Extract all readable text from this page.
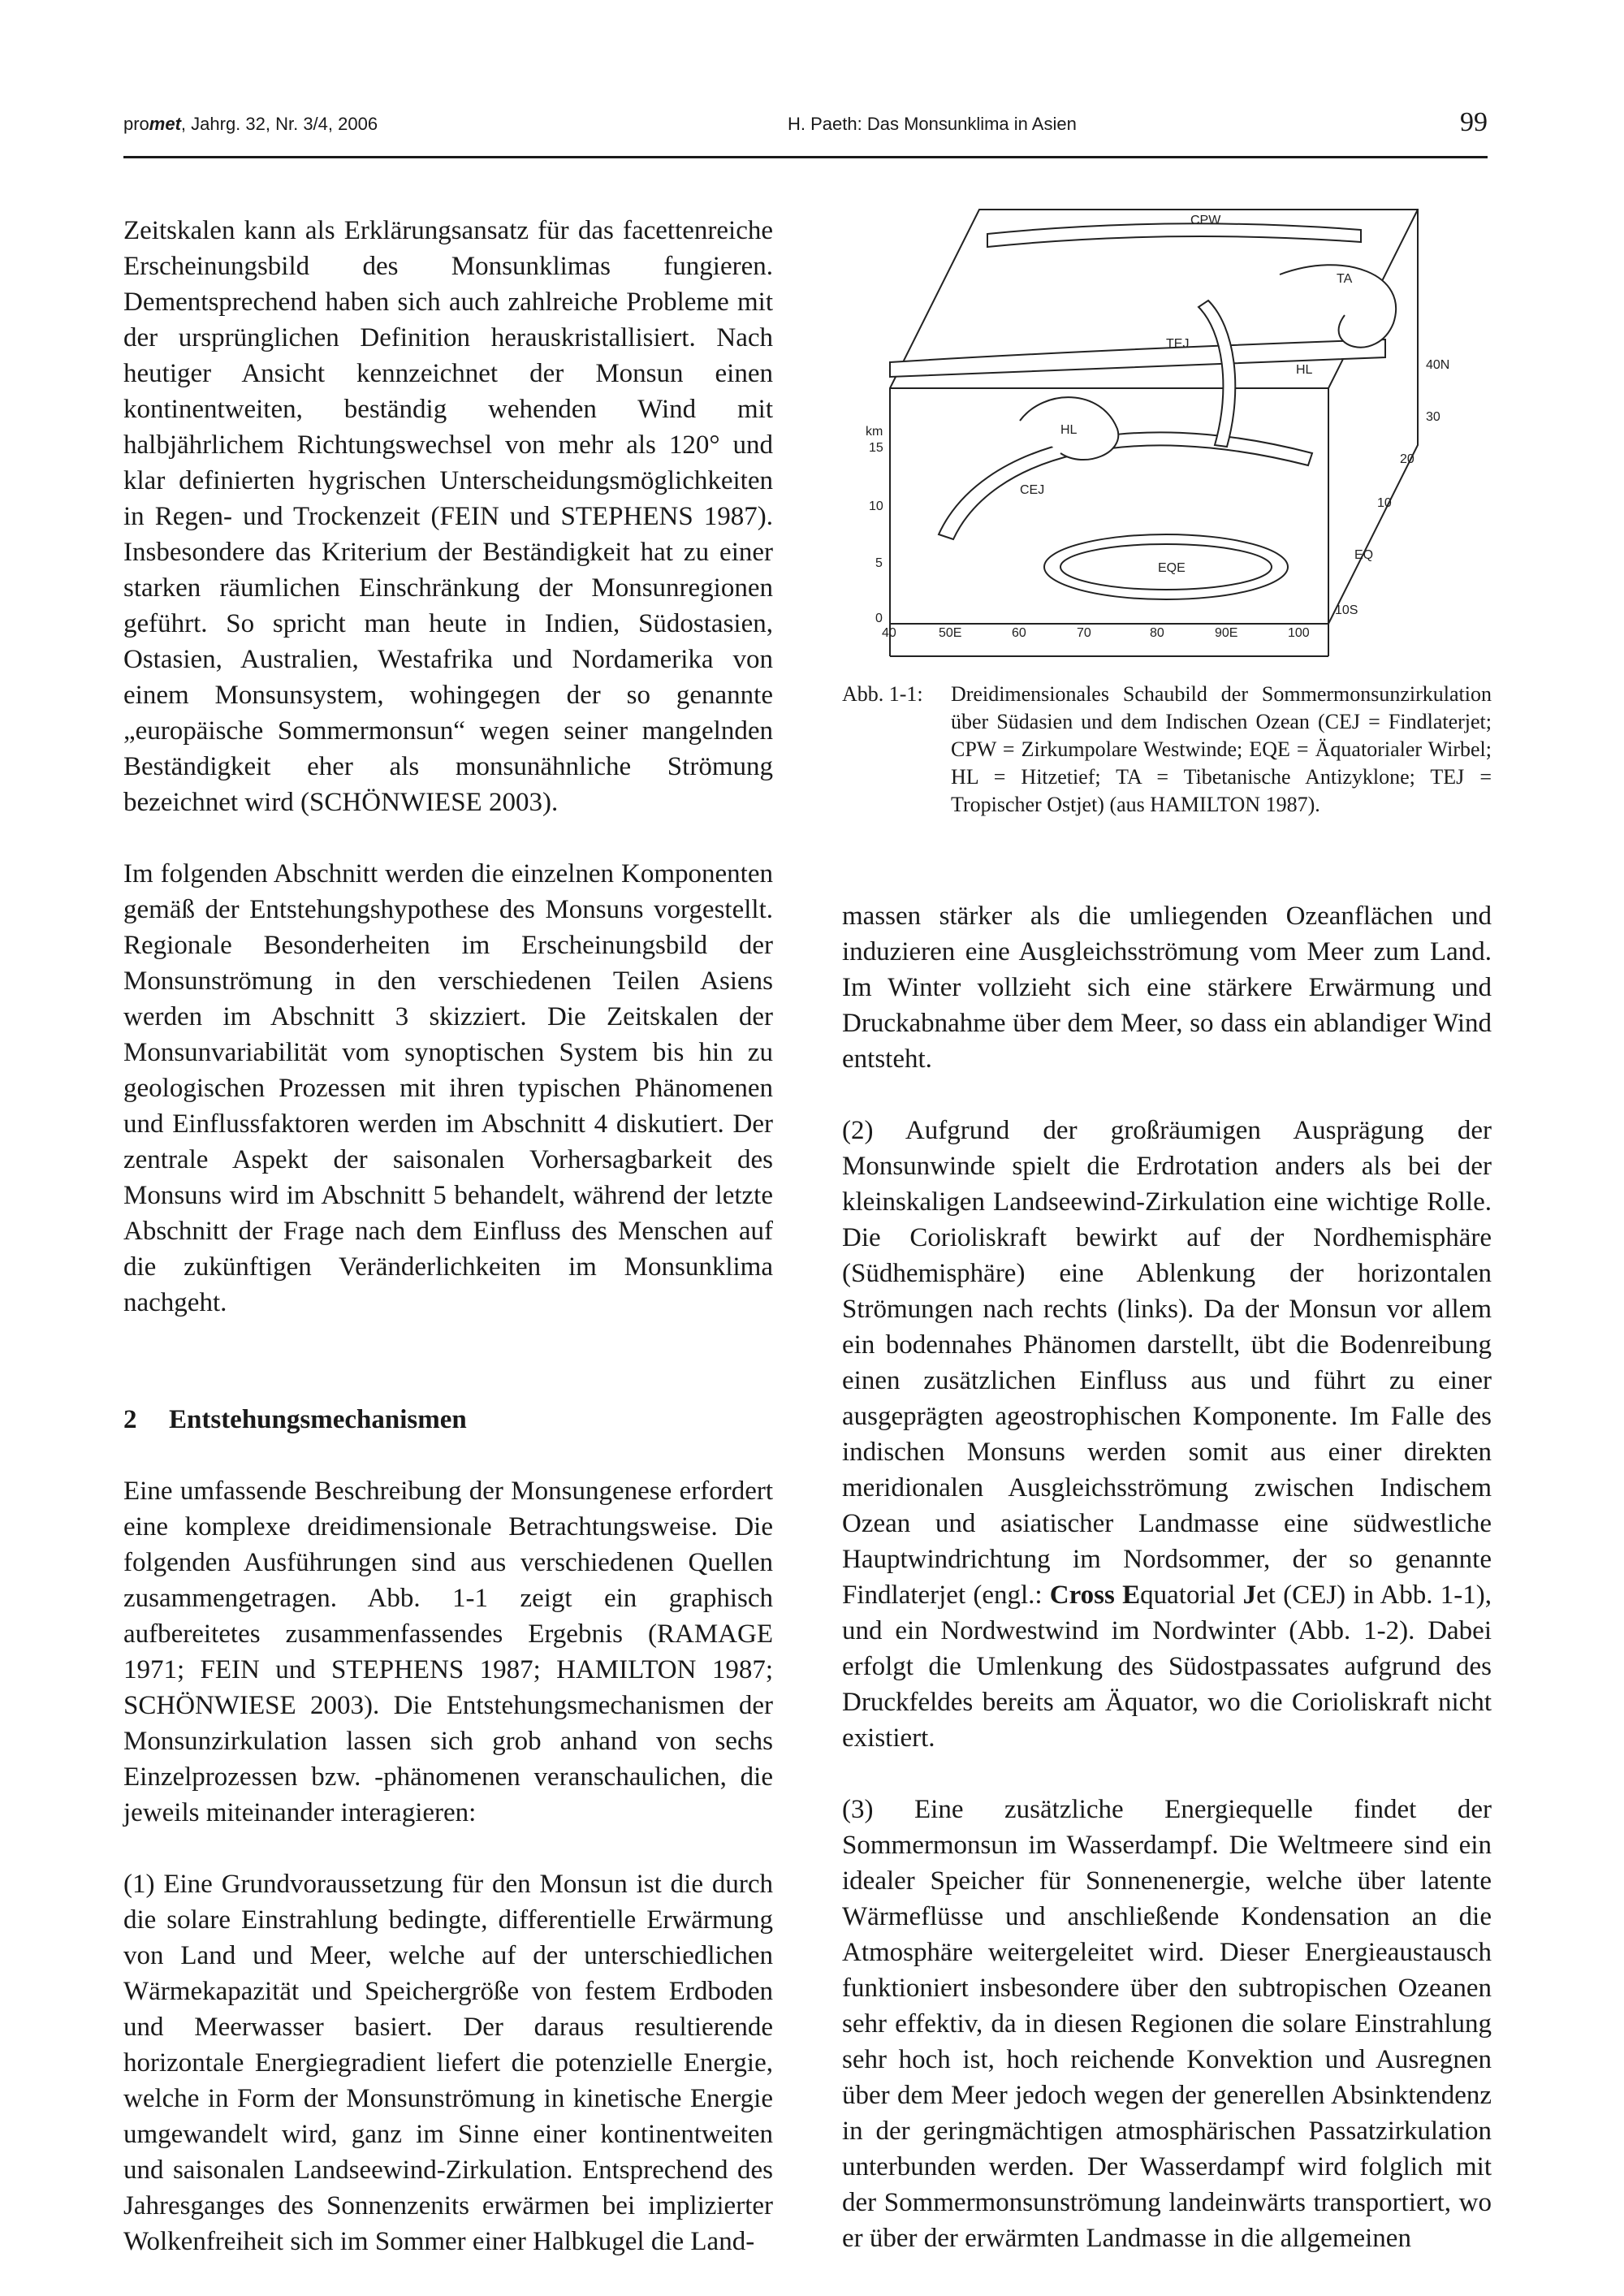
promet, Jahrg. 32, Nr. 3/4, 2006	H. Paeth: Das Monsunklima in Asien	99

Zeitskalen kann als Erklärungsansatz für das facettenreiche Erscheinungsbild des Monsunklimas fungieren. Dementsprechend haben sich auch zahlreiche Probleme mit der ursprünglichen Definition herauskristallisiert. Nach heutiger Ansicht kennzeichnet der Monsun einen kontinentweiten, beständig wehenden Wind mit halbjährlichem Richtungswechsel von mehr als 120° und klar definierten hygrischen Unterscheidungsmöglichkeiten in Regen- und Trockenzeit (FEIN und STEPHENS 1987). Insbesondere das Kriterium der Beständigkeit hat zu einer starken räumlichen Einschränkung der Monsunregionen geführt. So spricht man heute in Indien, Südostasien, Ostasien, Australien, Westafrika und Nordamerika von einem Monsunsystem, wohingegen der so genannte „europäische Sommermonsun“ wegen seiner mangelnden Beständigkeit eher als monsunähnliche Strömung bezeichnet wird (SCHÖNWIESE 2003).

Im folgenden Abschnitt werden die einzelnen Komponenten gemäß der Entstehungshypothese des Monsuns vorgestellt. Regionale Besonderheiten im Erscheinungsbild der Monsunströmung in den verschiedenen Teilen Asiens werden im Abschnitt 3 skizziert. Die Zeitskalen der Monsunvariabilität vom synoptischen System bis hin zu geologischen Prozessen mit ihren typischen Phänomenen und Einflussfaktoren werden im Abschnitt 4 diskutiert. Der zentrale Aspekt der saisonalen Vorhersagbarkeit des Monsuns wird im Abschnitt 5 behandelt, während der letzte Abschnitt der Frage nach dem Einfluss des Menschen auf die zukünftigen Veränderlichkeiten im Monsunklima nachgeht.

2 Entstehungsmechanismen

Eine umfassende Beschreibung der Monsungenese erfordert eine komplexe dreidimensionale Betrachtungsweise. Die folgenden Ausführungen sind aus verschiedenen Quellen zusammengetragen. Abb. 1-1 zeigt ein graphisch aufbereitetes zusammenfassendes Ergebnis (RAMAGE 1971; FEIN und STEPHENS 1987; HAMILTON 1987; SCHÖNWIESE 2003). Die Entstehungsmechanismen der Monsunzirkulation lassen sich grob anhand von sechs Einzelprozessen bzw. -phänomenen veranschaulichen, die jeweils miteinander interagieren:

(1) Eine Grundvoraussetzung für den Monsun ist die durch die solare Einstrahlung bedingte, differentielle Erwärmung von Land und Meer, welche auf der unterschiedlichen Wärmekapazität und Speichergröße von festem Erdboden und Meerwasser basiert. Der daraus resultierende horizontale Energiegradient liefert die potenzielle Energie, welche in Form der Monsunströmung in kinetische Energie umgewandelt wird, ganz im Sinne einer kontinentweiten und saisonalen Landseewind-Zirkulation. Entsprechend des Jahresganges des Sonnenzenits erwärmen bei implizierter Wolkenfreiheit sich im Sommer einer Halbkugel die Land-

CPW
TA
TEJ
HL
HL
CEJ
EQE
km
15
10
5
0
40N
30
20
10
EQ
10S
40	50E	60	70	80	90E	100
Abb. 1-1: Dreidimensionales Schaubild der Sommermonsunzirkulation über Südasien und dem Indischen Ozean (CEJ = Findlaterjet; CPW = Zirkumpolare Westwinde; EQE = Äquatorialer Wirbel; HL = Hitzetief; TA = Tibetanische Antizyklone; TEJ = Tropischer Ostjet) (aus HAMILTON 1987).

massen stärker als die umliegenden Ozeanflächen und induzieren eine Ausgleichsströmung vom Meer zum Land. Im Winter vollzieht sich eine stärkere Erwärmung und Druckabnahme über dem Meer, so dass ein ablandiger Wind entsteht.

(2) Aufgrund der großräumigen Ausprägung der Monsunwinde spielt die Erdrotation anders als bei der kleinskaligen Landseewind-Zirkulation eine wichtige Rolle. Die Corioliskraft bewirkt auf der Nordhemisphäre (Südhemisphäre) eine Ablenkung der horizontalen Strömungen nach rechts (links). Da der Monsun vor allem ein bodennahes Phänomen darstellt, übt die Bodenreibung einen zusätzlichen Einfluss aus und führt zu einer ausgeprägten ageostrophischen Komponente. Im Falle des indischen Monsuns werden somit aus einer direkten meridionalen Ausgleichsströmung zwischen Indischem Ozean und asiatischer Landmasse eine südwestliche Hauptwindrichtung im Nordsommer, der so genannte Findlaterjet (engl.: Cross Equatorial Jet (CEJ) in Abb. 1-1), und ein Nordwestwind im Nordwinter (Abb. 1-2). Dabei erfolgt die Umlenkung des Südostpassates aufgrund des Druckfeldes bereits am Äquator, wo die Corioliskraft nicht existiert.

(3) Eine zusätzliche Energiequelle findet der Sommermonsun im Wasserdampf. Die Weltmeere sind ein idealer Speicher für Sonnenenergie, welche über latente Wärmeflüsse und anschließende Kondensation an die Atmosphäre weitergeleitet wird. Dieser Energieaustausch funktioniert insbesondere über den subtropischen Ozeanen sehr effektiv, da in diesen Regionen die solare Einstrahlung sehr hoch ist, hoch reichende Konvektion und Ausregnen über dem Meer jedoch wegen der generellen Absinktendenz in der geringmächtigen atmosphärischen Passatzirkulation unterbunden werden. Der Wasserdampf wird folglich mit der Sommermonsunströmung landeinwärts transportiert, wo er über der erwärmten Landmasse in die allgemeinen
